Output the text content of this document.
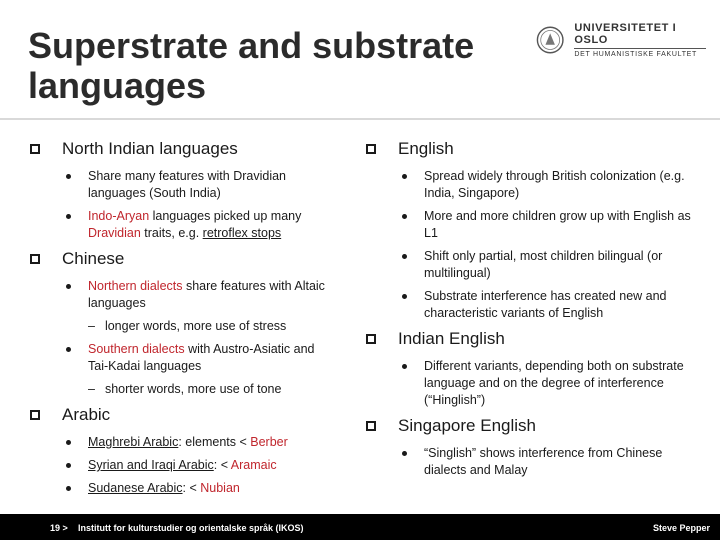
Superstrate and substrate languages
UNIVERSITETET I OSLO
DET HUMANISTISKE FAKULTET
North Indian languages
Share many features with Dravidian languages (South India)
Indo-Aryan languages picked up many Dravidian traits, e.g. retroflex stops
Chinese
Northern dialects share features with Altaic languages
– longer words, more use of stress
Southern dialects with Austro-Asiatic and Tai-Kadai languages
– shorter words, more use of tone
Arabic
Maghrebi Arabic: elements < Berber
Syrian and Iraqi Arabic: < Aramaic
Sudanese Arabic: < Nubian
English
Spread widely through British colonization (e.g. India, Singapore)
More and more children grow up with English as L1
Shift only partial, most children bilingual (or multilingual)
Substrate interference has created new and characteristic variants of English
Indian English
Different variants, depending both on substrate language and on the degree of interference (“Hinglish”)
Singapore English
“Singlish” shows interference from Chinese dialects and Malay
19 > Institutt for kulturstudier og orientalske språk (IKOS)	Steve Pepper
